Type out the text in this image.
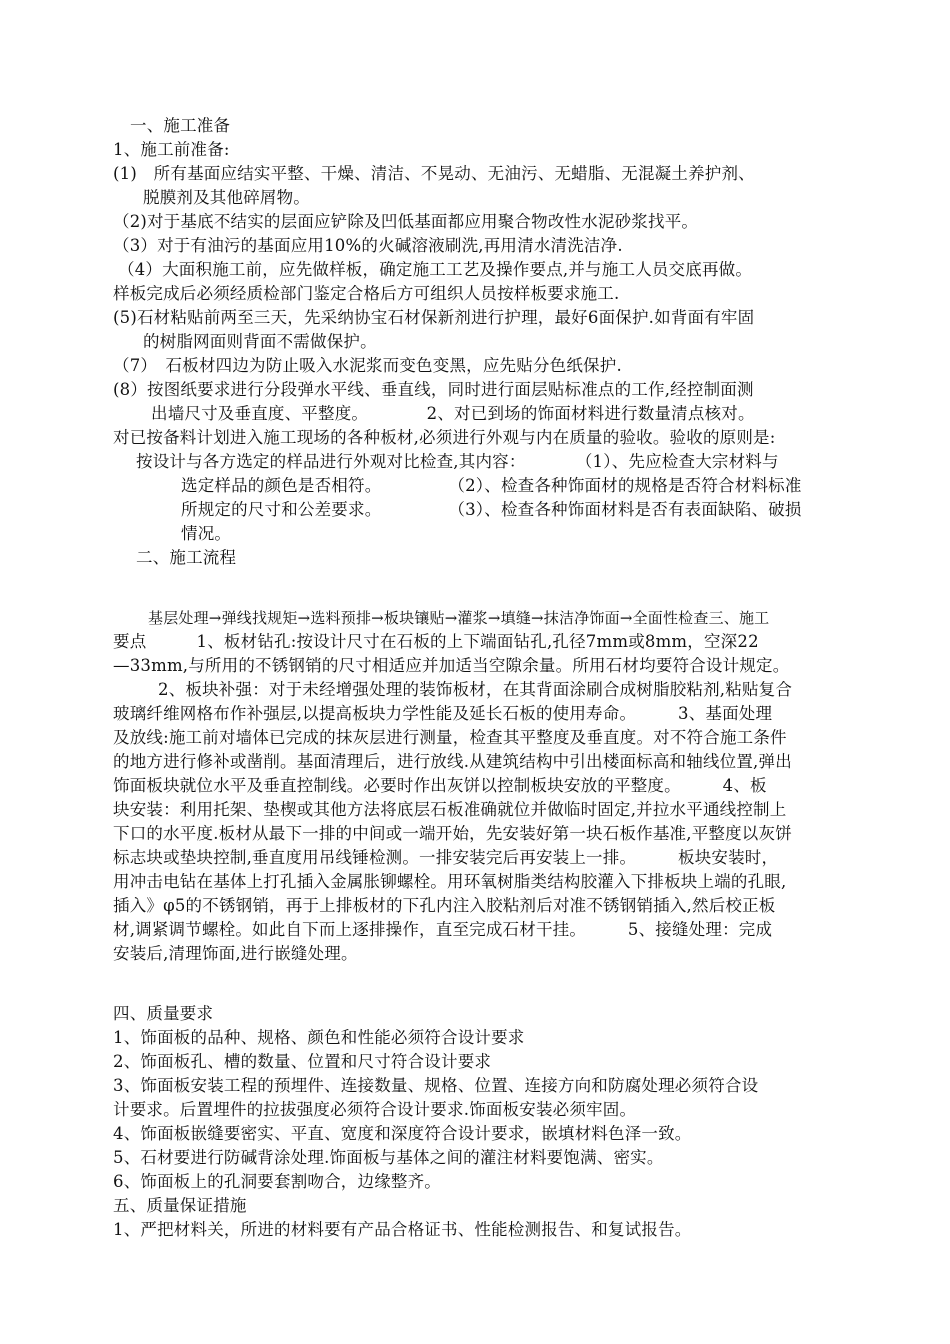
一、施工准备
1、施工前准备:
(1)　所有基面应结实平整、干燥、清洁、不晃动、无油污、无蜡脂、无混凝土养护剂、
脱膜剂及其他碎屑物。
（2)对于基底不结实的层面应铲除及凹低基面都应用聚合物改性水泥砂浆找平。
（3）对于有油污的基面应用10%的火碱溶液刷洗,再用清水清洗洁净.
（4）大面积施工前，应先做样板，确定施工工艺及操作要点,并与施工人员交底再做。
样板完成后必须经质检部门鉴定合格后方可组织人员按样板要求施工.
(5)石材粘贴前两至三天，先采纳协宝石材保新剂进行护理，最好6面保护.如背面有牢固
的树脂网面则背面不需做保护。
（7）　石板材四边为防止吸入水泥浆而变色变黑，应先贴分色纸保护.
(8）按图纸要求进行分段弹水平线、垂直线，同时进行面层贴标准点的工作,经控制面测
出墙尺寸及垂直度、平整度。　　　　2、对已到场的饰面材料进行数量清点核对。
对已按备料计划进入施工现场的各种板材,必须进行外观与内在质量的验收。验收的原则是:
按设计与各方选定的样品进行外观对比检查,其内容：　　　　（1）、先应检查大宗材料与
选定样品的颜色是否相符。　　　　　（2）、检查各种饰面材的规格是否符合材料标准
所规定的尺寸和公差要求。　　　　　（3）、检查各种饰面材料是否有表面缺陷、破损
情况。
二、施工流程
基层处理→弹线找规矩→选料预排→板块镶贴→灌浆→填缝→抹洁净饰面→全面性检查三、施工
要点　　　1、板材钻孔:按设计尺寸在石板的上下端面钻孔,孔径7mm或8mm，空深22
—33mm,与所用的不锈钢销的尺寸相适应并加适当空隙余量。所用石材均要符合设计规定。
2、板块补强：对于未经增强处理的装饰板材，在其背面涂刷合成树脂胶粘剂,粘贴复合
玻璃纤维网格布作补强层,以提高板块力学性能及延长石板的使用寿命。　　　3、基面处理
及放线:施工前对墙体已完成的抹灰层进行测量，检查其平整度及垂直度。对不符合施工条件
的地方进行修补或凿削。基面清理后，进行放线.从建筑结构中引出楼面标高和轴线位置,弹出
饰面板块就位水平及垂直控制线。必要时作出灰饼以控制板块安放的平整度。　　　4、板
块安装：利用托架、垫楔或其他方法将底层石板准确就位并做临时固定,并拉水平通线控制上
下口的水平度.板材从最下一排的中间或一端开始，先安装好第一块石板作基准,平整度以灰饼
标志块或垫块控制,垂直度用吊线锤检测。一排安装完后再安装上一排。　　　板块安装时，
用冲击电钻在基体上打孔插入金属胀铆螺栓。用环氧树脂类结构胶灌入下排板块上端的孔眼,
插入》φ5的不锈钢销，再于上排板材的下孔内注入胶粘剂后对准不锈钢销插入,然后校正板
材,调紧调节螺栓。如此自下而上逐排操作，直至完成石材干挂。　　　5、接缝处理：完成
安装后,清理饰面,进行嵌缝处理。
四、质量要求
1、饰面板的品种、规格、颜色和性能必须符合设计要求
2、饰面板孔、槽的数量、位置和尺寸符合设计要求
3、饰面板安装工程的预埋件、连接数量、规格、位置、连接方向和防腐处理必须符合设
计要求。后置埋件的拉拔强度必须符合设计要求.饰面板安装必须牢固。
4、饰面板嵌缝要密实、平直、宽度和深度符合设计要求，嵌填材料色泽一致。
5、石材要进行防碱背涂处理.饰面板与基体之间的灌注材料要饱满、密实。
6、饰面板上的孔洞要套割吻合，边缘整齐。
五、质量保证措施
1、严把材料关，所进的材料要有产品合格证书、性能检测报告、和复试报告。
